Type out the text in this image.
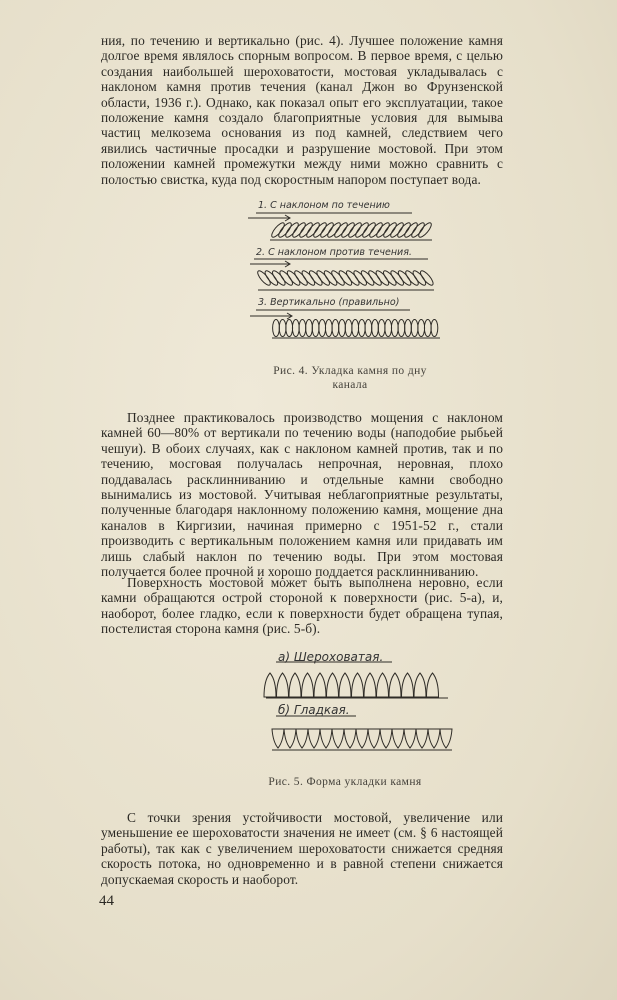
ния, по течению и вертикально (рис. 4). Лучшее положение камня долгое время являлось спорным вопросом. В первое время, с целью создания наибольшей шероховатости, мостовая укладывалась с наклоном камня против течения (канал Джон во Фрунзенской области, 1936 г.). Однако, как показал опыт его эксплуатации, такое положение камня создало благоприятные условия для вымыва частиц мелкозема основания из под камней, следствием чего явились частичные просадки и разрушение мостовой. При этом положении камней промежутки между ними можно сравнить с полостью свистка, куда под скоростным напором поступает вода.

1. С наклоном по течению
2. С наклоном против течения.
3. Вертикально (правильно)
Рис. 4. Укладка камня по дну
канала

Позднее практиковалось производство мощения с наклоном камней 60—80% от вертикали по течению воды (наподобие рыбьей чешуи). В обоих случаях, как с наклоном камней против, так и по течению, мосговая получалась непрочная, неровная, плохо поддавалась расклинниванию и отдельные камни свободно вынимались из мостовой. Учитывая неблагоприятные результаты, полученные благодаря наклонному положению камня, мощение дна каналов в Киргизии, начиная примерно с 1951-52 г., стали производить с вертикальным положением камня или придавать им лишь слабый наклон по течению воды. При этом мостовая получается более прочной и хорошо поддается расклинниванию.

Поверхность мостовой может быть выполнена неровно, если камни обращаются острой стороной к поверхности (рис. 5-а), и, наоборот, более гладко, если к поверхности будет обращена тупая, постелистая сторона камня (рис. 5-б).

а) Шероховатая.
б) Гладкая.
Рис. 5. Форма укладки камня

С точки зрения устойчивости мостовой, увеличение или уменьшение ее шероховатости значения не имеет (см. § 6 настоящей работы), так как с увеличением шероховатости снижается средняя скорость потока, но одновременно и в равной степени снижается допускаемая скорость и наоборот.

44
